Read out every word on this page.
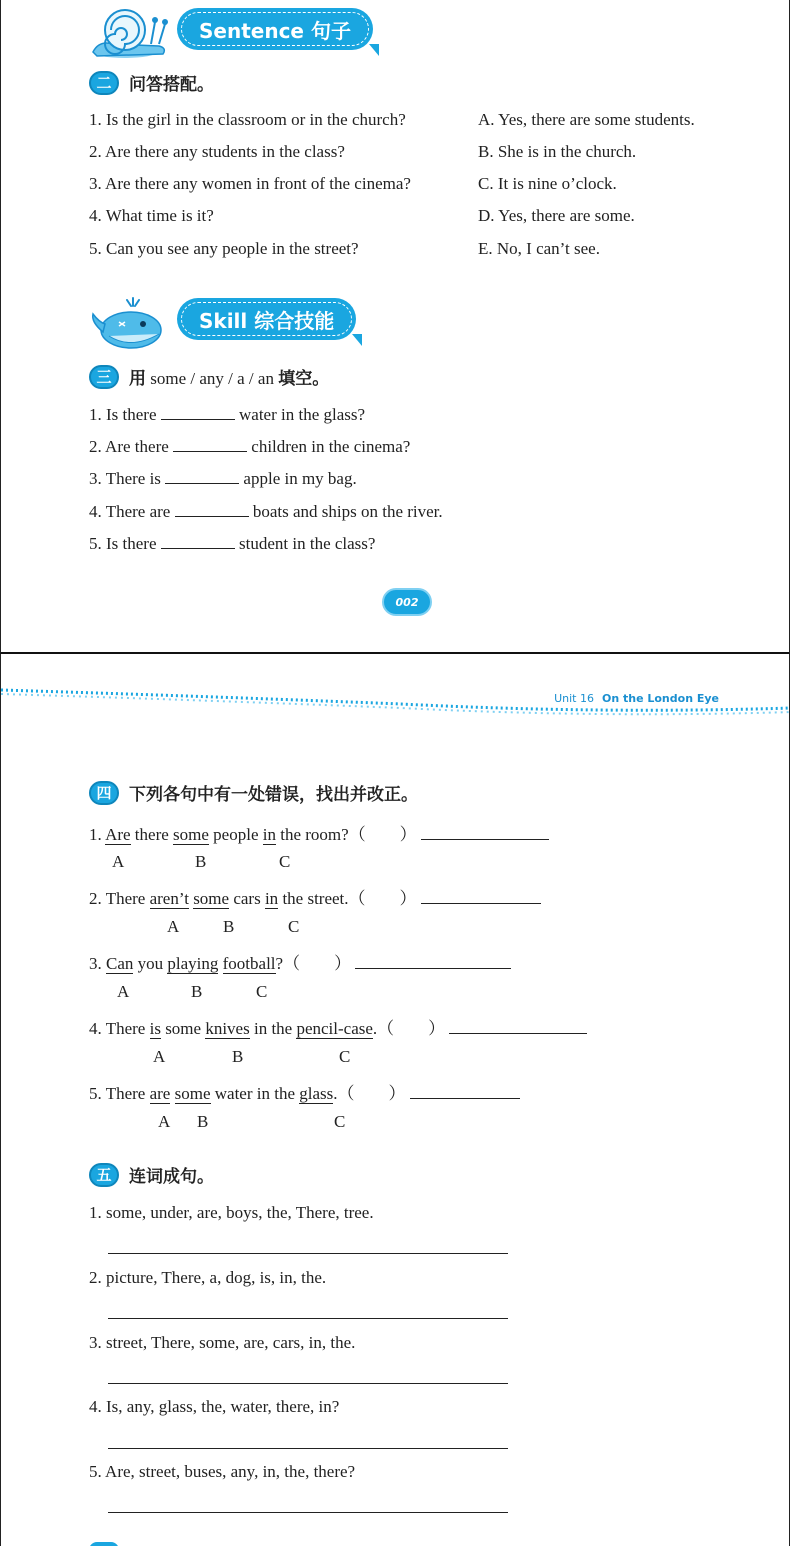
Sentence 句子
二	问答搭配。
1. Is the girl in the classroom or in the church?
2. Are there any students in the class?
3. Are there any women in front of the cinema?
4. What time is it?
5. Can you see any people in the street?
A. Yes, there are some students.
B. She is in the church.
C. It is nine o’clock.
D. Yes, there are some.
E. No, I can’t see.
Skill 综合技能
三	用 some / any / a / an 填空。
1. Is there	water in the glass?
2. Are there	children in the cinema?
3. There is	apple in my bag.
4. There are	boats and ships on the river.
5. Is there	student in the class?
002
Unit 16 On the London Eye
四	下列各句中有一处错误，找出并改正。
1. Are there some people in the room?（　　）
A	B	C
2. There aren’t some cars in the street.（　　）
A	B	C
3. Can you playing football?（　　）
A	B	C
4. There is some knives in the pencil-case.（　　）
A	B	C
5. There are some water in the glass.（　　）
A B	C
五	连词成句。
1. some, under, are, boys, the, There, tree.
2. picture, There, a, dog, is, in, the.
3. street, There, some, are, cars, in, the.
4. Is, any, glass, the, water, there, in?
5. Are, street, buses, any, in, the, there?
